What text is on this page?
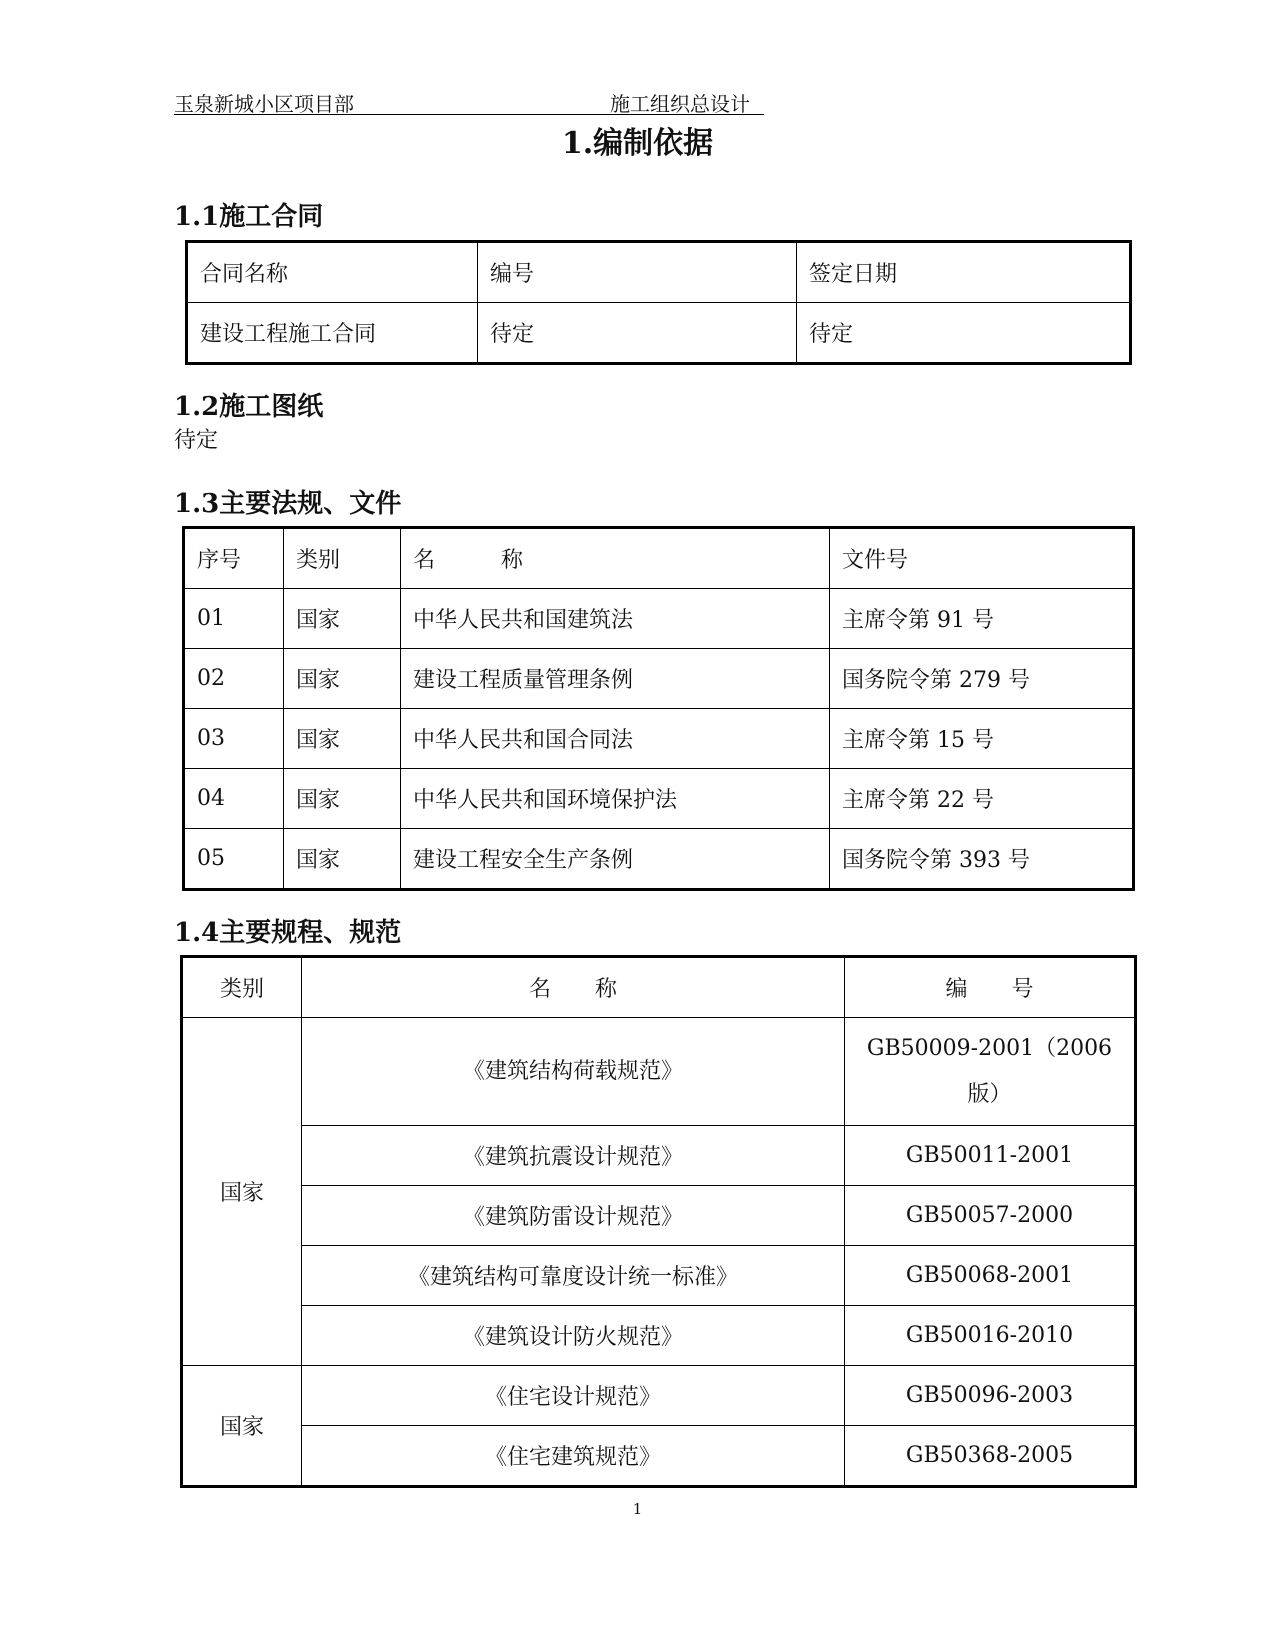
玉泉新城小区项目部	施工组织总设计
1.编制依据
1.1施工合同
合同名称	编号	签定日期
建设工程施工合同	待定	待定
1.2施工图纸
待定
1.3主要法规、文件
序号	类别	名　　　称	文件号
01	国家	中华人民共和国建筑法	主席令第 91 号
02	国家	建设工程质量管理条例	国务院令第 279 号
03	国家	中华人民共和国合同法	主席令第 15 号
04	国家	中华人民共和国环境保护法	主席令第 22 号
05	国家	建设工程安全生产条例	国务院令第 393 号
1.4主要规程、规范
类别	名　　称	编　　号
国家	《建筑结构荷载规范》	GB50009-2001（2006版）
	《建筑抗震设计规范》	GB50011-2001
	《建筑防雷设计规范》	GB50057-2000
	《建筑结构可靠度设计统一标准》	GB50068-2001
	《建筑设计防火规范》	GB50016-2010
国家	《住宅设计规范》	GB50096-2003
	《住宅建筑规范》	GB50368-2005
1
